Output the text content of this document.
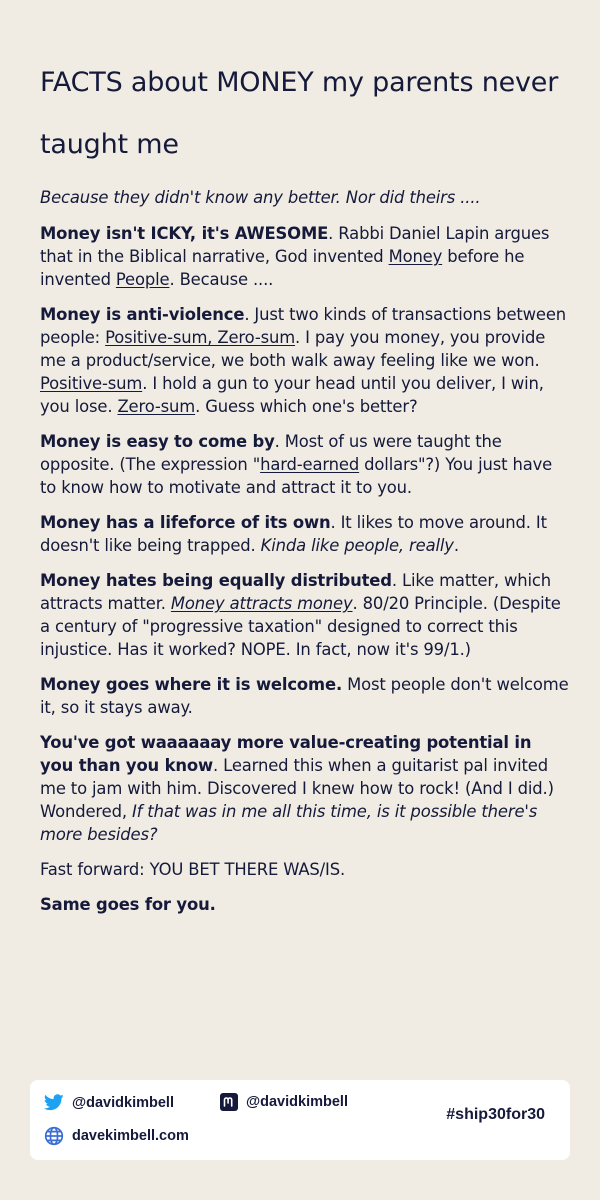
FACTS about MONEY my parents never taught me

Because they didn't know any better. Nor did theirs ....

Money isn't ICKY, it's AWESOME. Rabbi Daniel Lapin argues that in the Biblical narrative, God invented Money before he invented People. Because ....

Money is anti-violence. Just two kinds of transactions between people: Positive-sum, Zero-sum. I pay you money, you provide me a product/service, we both walk away feeling like we won. Positive-sum. I hold a gun to your head until you deliver, I win, you lose. Zero-sum. Guess which one's better?

Money is easy to come by. Most of us were taught the opposite. (The expression "hard-earned dollars"?) You just have to know how to motivate and attract it to you.

Money has a lifeforce of its own. It likes to move around. It doesn't like being trapped. Kinda like people, really.

Money hates being equally distributed. Like matter, which attracts matter. Money attracts money. 80/20 Principle. (Despite a century of "progressive taxation" designed to correct this injustice. Has it worked? NOPE. In fact, now it's 99/1.)

Money goes where it is welcome. Most people don't welcome it, so it stays away.

You've got waaaaaay more value-creating potential in you than you know. Learned this when a guitarist pal invited me to jam with him. Discovered I knew how to rock! (And I did.) Wondered, If that was in me all this time, is it possible there's more besides?

Fast forward: YOU BET THERE WAS/IS.

Same goes for you.

@davidkimbell	@davidkimbell
davekimbell.com
#ship30for30
